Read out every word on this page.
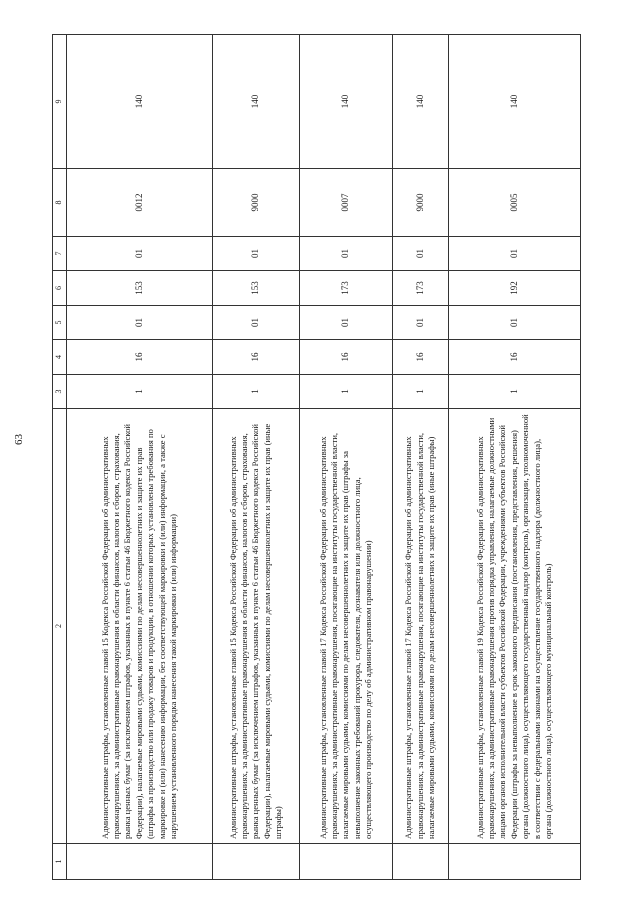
63
1	2	3	4	5	6	7	8	9
	Административные штрафы, установленные главой 15 Кодекса Российской Федерации об административных правонарушениях, за административные правонарушения в области финансов, налогов и сборов, страхования, рынка ценных бумаг (за исключением штрафов, указанных в пункте 6 статьи 46 Бюджетного кодекса Российской Федерации), налагаемые мировыми судьями, комиссиями по делам несовершеннолетних и защите их прав (штрафы за производство или продажу товаров и продукции, в отношении которых установлены требования по маркировке и (или) нанесению информации, без соответствующей маркировки и (или) информации, а также с нарушением установленного порядка нанесения такой маркировки и (или) информации)	1	16	01	153	01	0012	140
	Административные штрафы, установленные главой 15 Кодекса Российской Федерации об административных правонарушениях, за административные правонарушения в области финансов, налогов и сборов, страхования, рынка ценных бумаг (за исключением штрафов, указанных в пункте 6 статьи 46 Бюджетного кодекса Российской Федерации), налагаемые мировыми судьями, комиссиями по делам несовершеннолетних и защите их прав (иные штрафы)	1	16	01	153	01	9000	140
	Административные штрафы, установленные главой 17 Кодекса Российской Федерации об административных правонарушениях, за административные правонарушения, посягающие на институты государственной власти, налагаемые мировыми судьями, комиссиями по делам несовершеннолетних и защите их прав (штрафы за невыполнение законных требований прокурора, следователя, дознавателя или должностного лица, осуществляющего производство по делу об административном правонарушении)	1	16	01	173	01	0007	140
	Административные штрафы, установленные главой 17 Кодекса Российской Федерации об административных правонарушениях, за административные правонарушения, посягающие на институты государственной власти, налагаемые мировыми судьями, комиссиями по делам несовершеннолетних и защите их прав (иные штрафы)	1	16	01	173	01	9000	140
	Административные штрафы, установленные главой 19 Кодекса Российской Федерации об административных правонарушениях, за административные правонарушения против порядка управления, налагаемые должностными лицами органов исполнительной власти субъектов Российской Федерации, учреждениями субъектов Российской Федерации (штрафы за невыполнение в срок законного предписания (постановления, представления, решения) органа (должностного лица), осуществляющего государственный надзор (контроль), организации, уполномоченной в соответствии с федеральными законами на осуществление государственного надзора (должностного лица), органа (должностного лица), осуществляющего муниципальный контроль)	1	16	01	192	01	0005	140
